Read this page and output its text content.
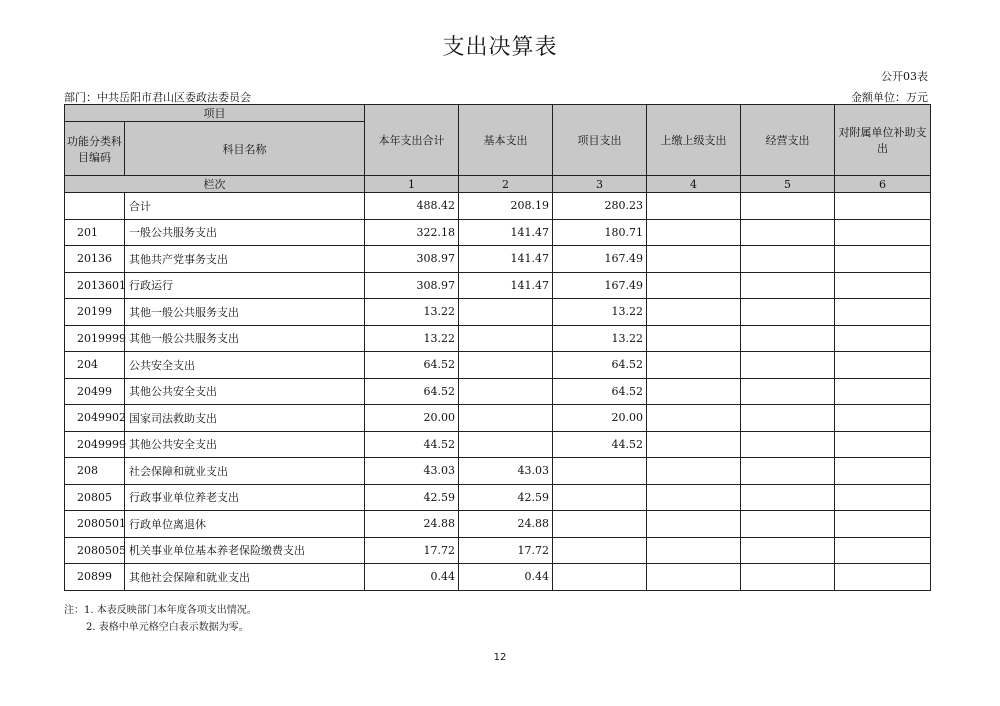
支出决算表
公开03表
部门：中共岳阳市君山区委政法委员会	金额单位：万元
项目		本年支出合计	基本支出	项目支出	上缴上级支出	经营支出	对附属单位补助支出
功能分类科目编码	科目名称						
栏次		1	2	3	4	5	6
	合计	488.42	208.19	280.23			
201	一般公共服务支出	322.18	141.47	180.71			
20136	其他共产党事务支出	308.97	141.47	167.49			
2013601	行政运行	308.97	141.47	167.49			
20199	其他一般公共服务支出	13.22		13.22			
2019999	其他一般公共服务支出	13.22		13.22			
204	公共安全支出	64.52		64.52			
20499	其他公共安全支出	64.52		64.52			
2049902	国家司法救助支出	20.00		20.00			
2049999	其他公共安全支出	44.52		44.52			
208	社会保障和就业支出	43.03	43.03				
20805	行政事业单位养老支出	42.59	42.59				
2080501	行政单位离退休	24.88	24.88				
2080505	机关事业单位基本养老保险缴费支出	17.72	17.72				
20899	其他社会保障和就业支出	0.44	0.44				
注：1. 本表反映部门本年度各项支出情况。
2. 表格中单元格空白表示数据为零。
12
